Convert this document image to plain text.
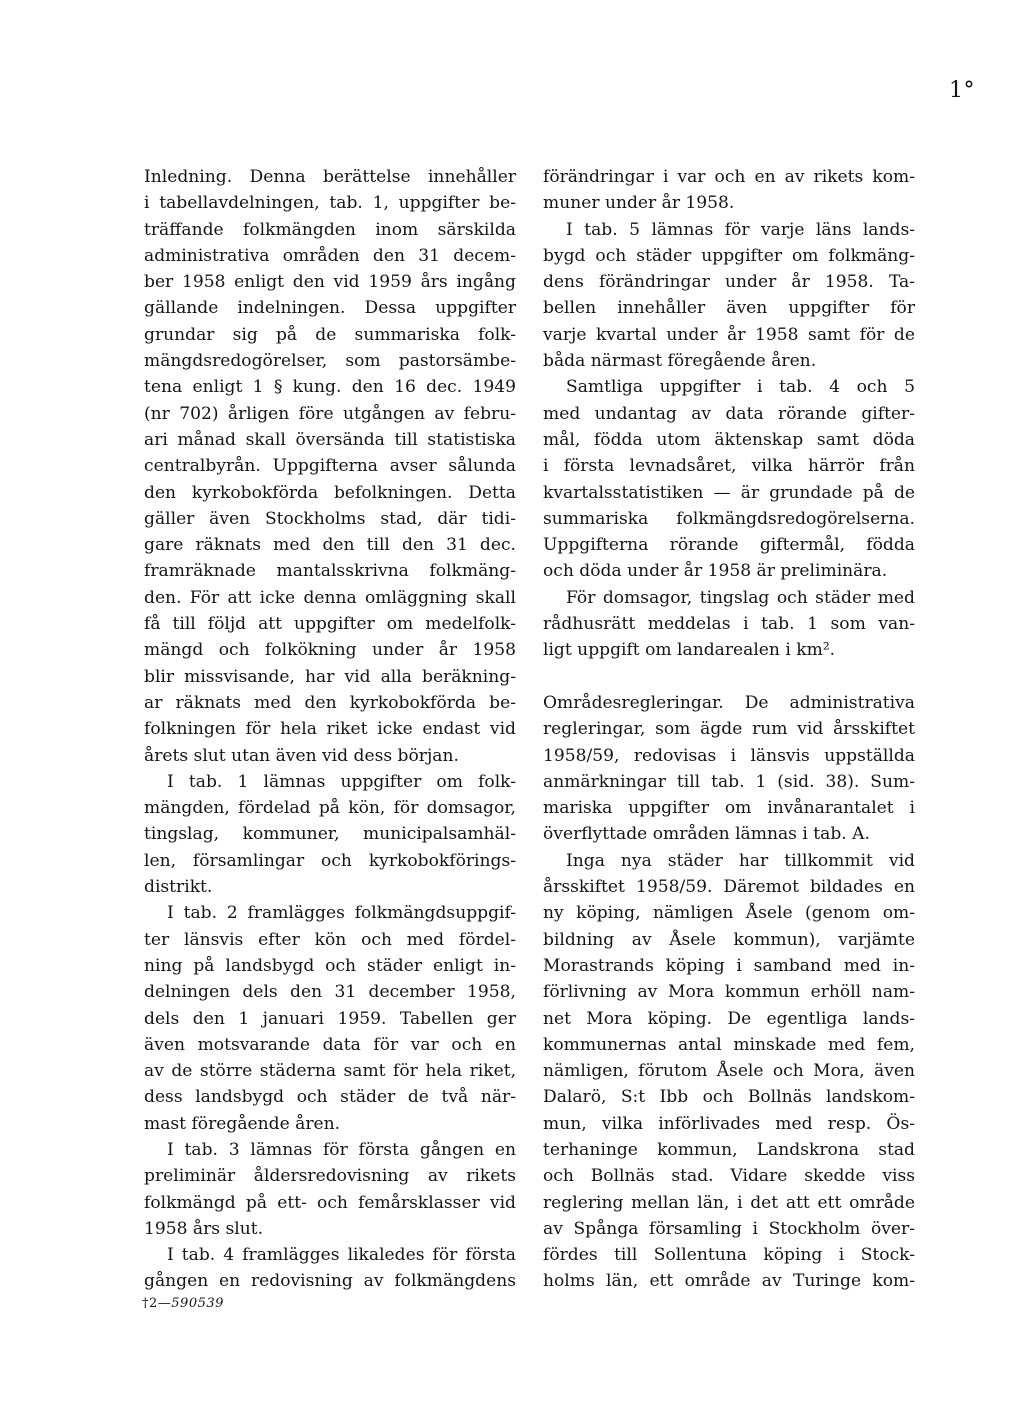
1°
Inledning. Denna berättelse innehåller
i tabellavdelningen, tab. 1, uppgifter be-
träffande folkmängden inom särskilda
administrativa områden den 31 decem-
ber 1958 enligt den vid 1959 års ingång
gällande indelningen. Dessa uppgifter
grundar sig på de summariska folk-
mängdsredogörelser, som pastorsämbe-
tena enligt 1 § kung. den 16 dec. 1949
(nr 702) årligen före utgången av febru-
ari månad skall översända till statistiska
centralbyrån. Uppgifterna avser sålunda
den kyrkobokförda befolkningen. Detta
gäller även Stockholms stad, där tidi-
gare räknats med den till den 31 dec.
framräknade mantalsskrivna folkmäng-
den. För att icke denna omläggning skall
få till följd att uppgifter om medelfolk-
mängd och folkökning under år 1958
blir missvisande, har vid alla beräkning-
ar räknats med den kyrkobokförda be-
folkningen för hela riket icke endast vid
årets slut utan även vid dess början.
I tab. 1 lämnas uppgifter om folk-
mängden, fördelad på kön, för domsagor,
tingslag, kommuner, municipalsamhäl-
len, församlingar och kyrkobokförings-
distrikt.
I tab. 2 framlägges folkmängdsuppgif-
ter länsvis efter kön och med fördel-
ning på landsbygd och städer enligt in-
delningen dels den 31 december 1958,
dels den 1 januari 1959. Tabellen ger
även motsvarande data för var och en
av de större städerna samt för hela riket,
dess landsbygd och städer de två när-
mast föregående åren.
I tab. 3 lämnas för första gången en
preliminär åldersredovisning av rikets
folkmängd på ett- och femårsklasser vid
1958 års slut.
I tab. 4 framlägges likaledes för första
gången en redovisning av folkmängdens
förändringar i var och en av rikets kom-
muner under år 1958.
I tab. 5 lämnas för varje läns lands-
bygd och städer uppgifter om folkmäng-
dens förändringar under år 1958. Ta-
bellen innehåller även uppgifter för
varje kvartal under år 1958 samt för de
båda närmast föregående åren.
Samtliga uppgifter i tab. 4 och 5
med undantag av data rörande gifter-
mål, födda utom äktenskap samt döda
i första levnadsåret, vilka härrör från
kvartalsstatistiken — är grundade på de
summariska folkmängdsredogörelserna.
Uppgifterna rörande giftermål, födda
och döda under år 1958 är preliminära.
För domsagor, tingslag och städer med
rådhusrätt meddelas i tab. 1 som van-
ligt uppgift om landarealen i km².
Områdesregleringar. De administrativa
regleringar, som ägde rum vid årsskiftet
1958/59, redovisas i länsvis uppställda
anmärkningar till tab. 1 (sid. 38). Sum-
mariska uppgifter om invånarantalet i
överflyttade områden lämnas i tab. A.
Inga nya städer har tillkommit vid
årsskiftet 1958/59. Däremot bildades en
ny köping, nämligen Åsele (genom om-
bildning av Åsele kommun), varjämte
Morastrands köping i samband med in-
förlivning av Mora kommun erhöll nam-
net Mora köping. De egentliga lands-
kommunernas antal minskade med fem,
nämligen, förutom Åsele och Mora, även
Dalarö, S:t Ibb och Bollnäs landskom-
mun, vilka införlivades med resp. Ös-
terhaninge kommun, Landskrona stad
och Bollnäs stad. Vidare skedde viss
reglering mellan län, i det att ett område
av Spånga församling i Stockholm över-
fördes till Sollentuna köping i Stock-
holms län, ett område av Turinge kom-
†2—590539
